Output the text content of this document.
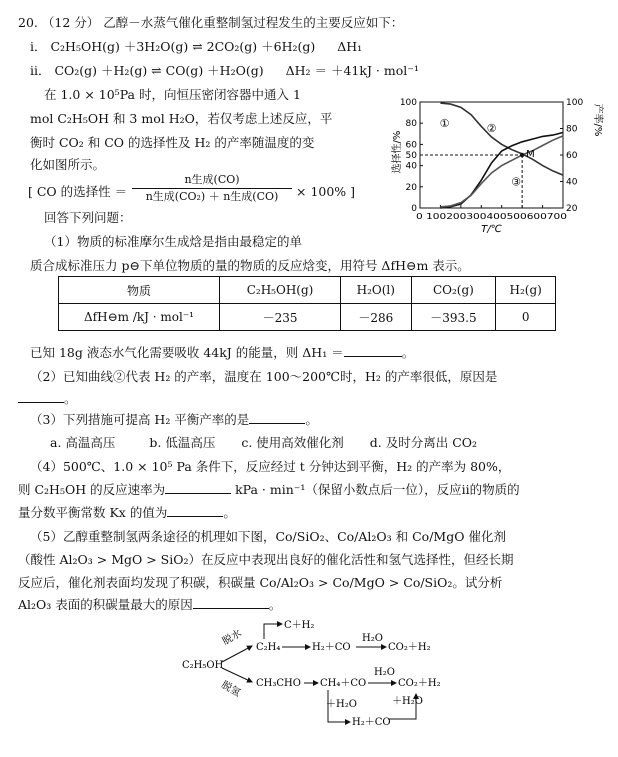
20. （12 分） 乙醇－水蒸气催化重整制氢过程发生的主要反应如下：
ⅰ． C₂H₅OH(g) ＋3H₂O(g) ⇌ 2CO₂(g) ＋6H₂(g) ΔH₁
ⅱ． CO₂(g) ＋H₂(g) ⇌ CO(g) ＋H₂O(g) ΔH₂ ＝ ＋41kJ · mol⁻¹
在 1.0 × 10⁵Pa 时，向恒压密闭容器中通入 1
mol C₂H₅OH 和 3 mol H₂O，若仅考虑上述反应，平
衡时 CO₂ 和 CO 的选择性及 H₂ 的产率随温度的变
化如图所示。
[ CO 的选择性 ＝
n生成(CO)
n生成(CO₂) ＋ n生成(CO)	× 100% ]
回答下列问题：
（1）物质的标准摩尔生成焓是指由最稳定的单
质合成标准压力 p⊖下单位物质的量的物质的反应焓变，用符号 ΔfH⊖m 表示。
物质	C₂H₅OH(g)	H₂O(l)	CO₂(g)	H₂(g)
ΔfH⊖m /kJ · mol⁻¹	－235	－286	－393.5	0
已知 18g 液态水气化需要吸收 44kJ 的能量，则 ΔH₁ ＝	。
（2）已知曲线②代表 H₂ 的产率，温度在 100～200℃时，H₂ 的产率很低，原因是
。
（3）下列措施可提高 H₂ 平衡产率的是	。
a. 高温高压	b. 低温高压 c. 使用高效催化剂 d. 及时分离出 CO₂
（4）500℃、1.0 × 10⁵ Pa 条件下，反应经过 t 分钟达到平衡，H₂ 的产率为 80%，
则 C₂H₅OH 的反应速率为	kPa · min⁻¹（保留小数点后一位），反应ⅱ的物质的
量分数平衡常数 Kx 的值为	。
（5）乙醇重整制氢两条途径的机理如下图，Co/SiO₂、Co/Al₂O₃ 和 Co/MgO 催化剂
（酸性 Al₂O₃ > MgO > SiO₂）在反应中表现出良好的催化活性和氢气选择性，但经长期
反应后，催化剂表面均发现了积碳，积碳量 Co/Al₂O₃ > Co/MgO > Co/SiO₂。试分析
Al₂O₃ 表面的积碳量最大的原因	。
0
20
40
50
60
80
100
20
40
60
80
100
0 100200300400500600700
T/℃
选择性/%
产率/%
①	②
③
M
C₂H₅OH
脱水
脱氢
C₂H₄
C＋H₂
H₂＋CO
H₂O
CO₂＋H₂
CH₃CHO CH₄＋CO
H₂O
CO₂＋H₂
＋H₂O
H₂＋CO
＋H₂O
